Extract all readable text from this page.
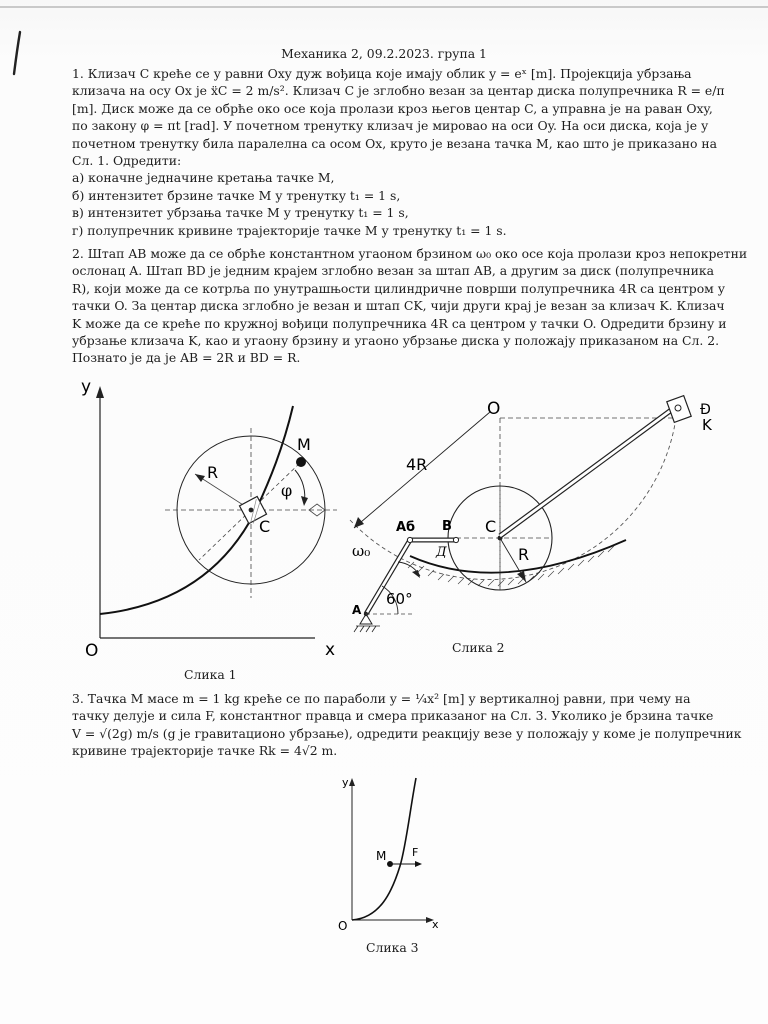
Механика 2, 09.2.2023. група 1

1. Клизач C креће се у равни Oxy дуж вођица које имају облик y = eˣ [m]. Пројекција убрзања

клизача на осу Ox је ẍC = 2 m/s². Клизач C је зглобно везан за центар диска полупречника R = e/π

[m]. Диск може да се обрће око осе која пролази кроз његов центар C, а управна је на раван Oxy,

по закону φ = πt [rad]. У почетном тренутку клизач је мировао на оси Oy. На оси диска, која је у

почетном тренутку била паралелна са осом Ox, круто је везана тачка M, као што је приказано на

Сл. 1. Одредити:

а) коначне једначине кретања тачке M,

б) интензитет брзине тачке M у тренутку t₁ = 1 s,

в) интензитет убрзања тачке M у тренутку t₁ = 1 s,

г) полупречник кривине трајекторије тачке M у тренутку t₁ = 1 s.

2. Штап AB може да се обрће константном угаоном брзином ω₀ око осе која пролази кроз непокретни

ослонац A. Штап BD је једним крајем зглобно везан за штап AB, а другим за диск (полупречника

R), који може да се котрља по унутрашњости цилиндричне површи полупречника 4R са центром у

тачки O. За центар диска зглобно је везан и штап CK, чији други крај је везан за клизач K. Клизач

K може да се креће по кружној вођици полупречника 4R са центром у тачки O. Одредити брзину и

убрзање клизача K, као и угаону брзину и угаоно убрзање диска у положају приказаном на Сл. 2.

Познато је да је AB = 2R и BD = R.

y
x
O
R
M
φ
C
Слика 1
O
4R
C
R
Ð
K
B
Д
Aб
A
60°
ω₀
Слика 2

3. Тачка M масе m = 1 kg креће се по параболи y = ¼x² [m] у вертикалној равни, при чему на

тачку делује и сила F, константног правца и смера приказаног на Сл. 3. Уколико је брзина тачке

V = √(2g) m/s (g је гравитационо убрзање), одредити реакцију везе у положају у коме је полупречник

кривине трајекторије тачке Rk = 4√2 m.

y
x
O
M F
Слика 3
